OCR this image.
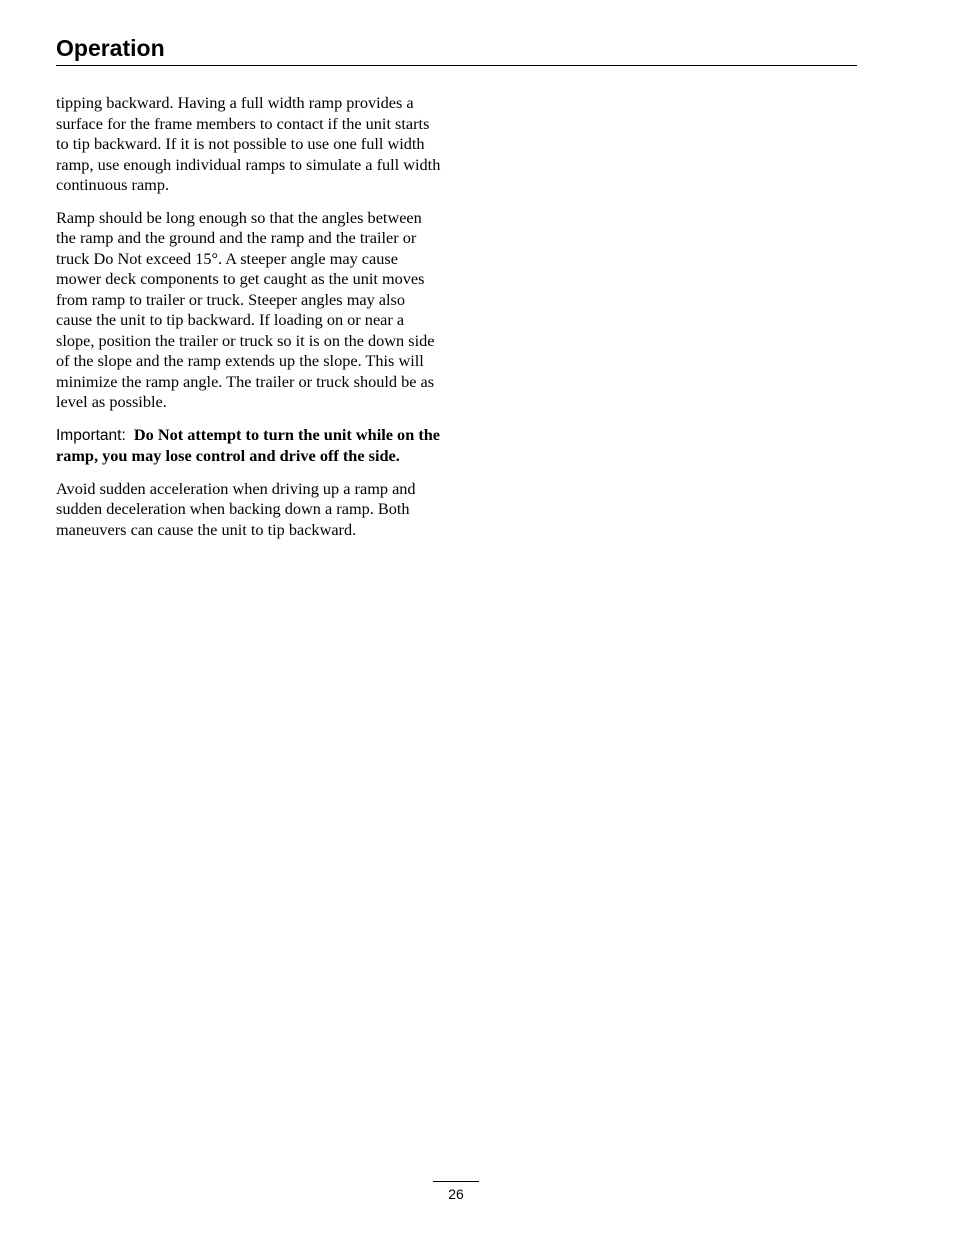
Operation

tipping backward. Having a full width ramp provides a surface for the frame members to contact if the unit starts to tip backward. If it is not possible to use one full width ramp, use enough individual ramps to simulate a full width continuous ramp.

Ramp should be long enough so that the angles between the ramp and the ground and the ramp and the trailer or truck Do Not exceed 15°. A steeper angle may cause mower deck components to get caught as the unit moves from ramp to trailer or truck. Steeper angles may also cause the unit to tip backward. If loading on or near a slope, position the trailer or truck so it is on the down side of the slope and the ramp extends up the slope. This will minimize the ramp angle. The trailer or truck should be as level as possible.

Important: Do Not attempt to turn the unit while on the ramp, you may lose control and drive off the side.

Avoid sudden acceleration when driving up a ramp and sudden deceleration when backing down a ramp. Both maneuvers can cause the unit to tip backward.

26
